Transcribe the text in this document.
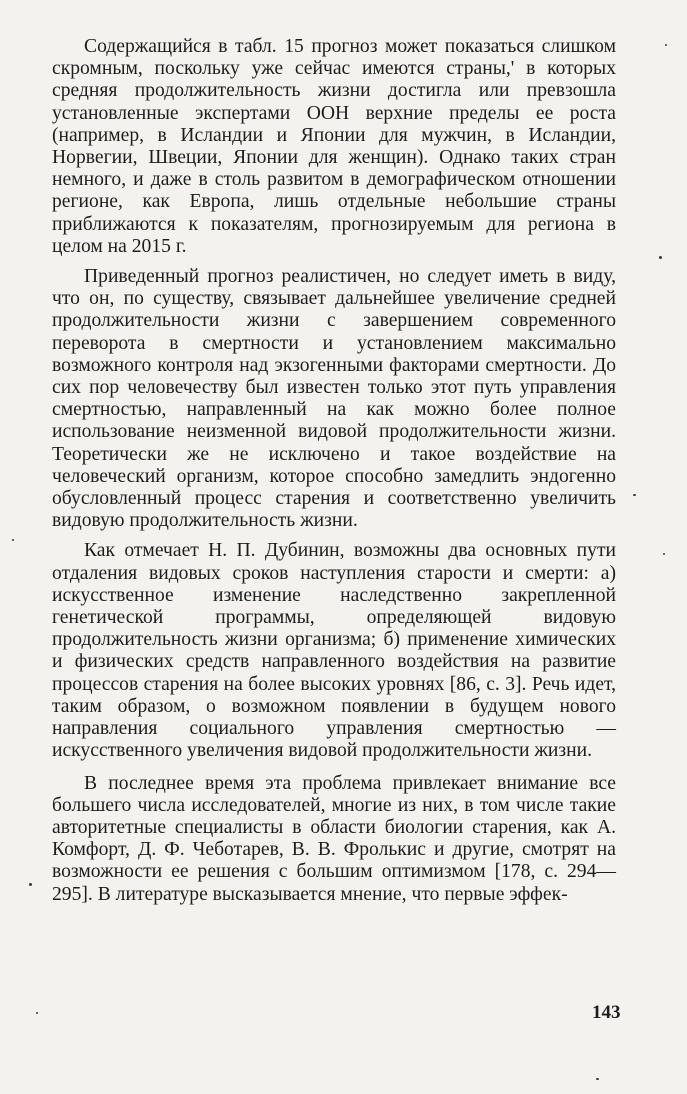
Содержащийся в табл. 15 прогноз может показаться слишком скромным, поскольку уже сейчас имеются страны,' в которых средняя продолжительность жизни достигла или превзошла установленные экспертами ООН верхние пределы ее роста (например, в Исландии и Японии для мужчин, в Исландии, Норвегии, Швеции, Японии для женщин). Однако таких стран немного, и даже в столь развитом в демографическом отношении регионе, как Европа, лишь отдельные небольшие страны приближаются к показателям, прогнозируемым для региона в целом на 2015 г.

Приведенный прогноз реалистичен, но следует иметь в виду, что он, по существу, связывает дальнейшее увеличение средней продолжительности жизни с завершением современного переворота в смертности и установлением максимально возможного контроля над экзогенными факторами смертности. До сих пор человечеству был известен только этот путь управления смертностью, направленный на как можно более полное использование неизменной видовой продолжительности жизни. Теоретически же не исключено и такое воздействие на человеческий организм, которое способно замедлить эндогенно обусловленный процесс старения и соответственно увеличить видовую продолжительность жизни.

Как отмечает Н. П. Дубинин, возможны два основных пути отдаления видовых сроков наступления старости и смерти: а) искусственное изменение наследственно закрепленной генетической программы, определяющей видовую продолжительность жизни организма; б) применение химических и физических средств направленного воздействия на развитие процессов старения на более высоких уровнях [86, с. 3]. Речь идет, таким образом, о возможном появлении в будущем нового направления социального управления смертностью — искусственного увеличения видовой продолжительности жизни.

В последнее время эта проблема привлекает внимание все большего числа исследователей, многие из них, в том числе такие авторитетные специалисты в области биологии старения, как А. Комфорт, Д. Ф. Чеботарев, В. В. Фролькис и другие, смотрят на возможности ее решения с большим оптимизмом [178, с. 294—295]. В литературе высказывается мнение, что первые эффек-

143
